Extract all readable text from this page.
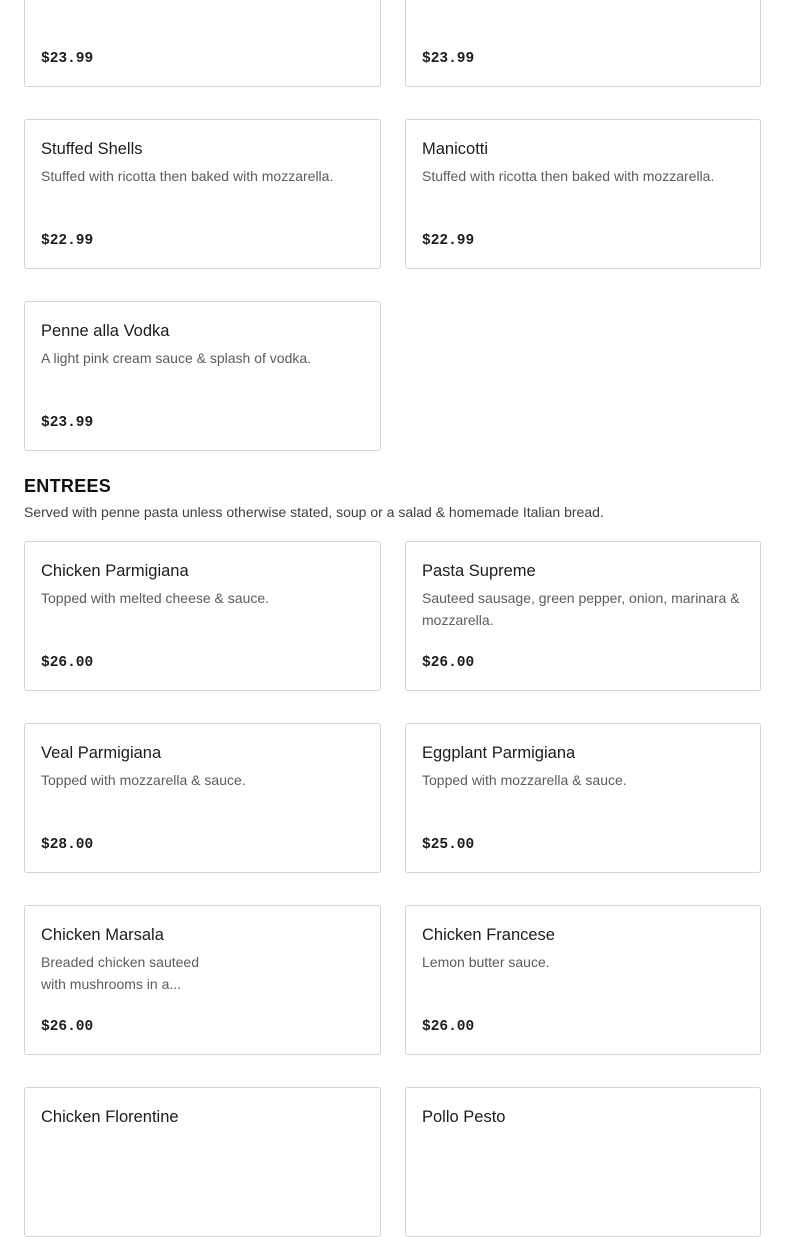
$23.99	$23.99
Stuffed Shells
Stuffed with ricotta then baked with mozzarella.
$22.99
Manicotti
Stuffed with ricotta then baked with mozzarella.
$22.99
Penne alla Vodka
A light pink cream sauce & splash of vodka.
$23.99
ENTREES
Served with penne pasta unless otherwise stated, soup or a salad & homemade Italian bread.
Chicken Parmigiana
Topped with melted cheese & sauce.
$26.00
Pasta Supreme
Sauteed sausage, green pepper, onion, marinara & mozzarella.
$26.00
Veal Parmigiana
Topped with mozzarella & sauce.
$28.00
Eggplant Parmigiana
Topped with mozzarella & sauce.
$25.00
Chicken Marsala
Breaded chicken sauteed
with mushrooms in a...
$26.00
Chicken Francese
Lemon butter sauce.
$26.00
Chicken Florentine	Pollo Pesto
